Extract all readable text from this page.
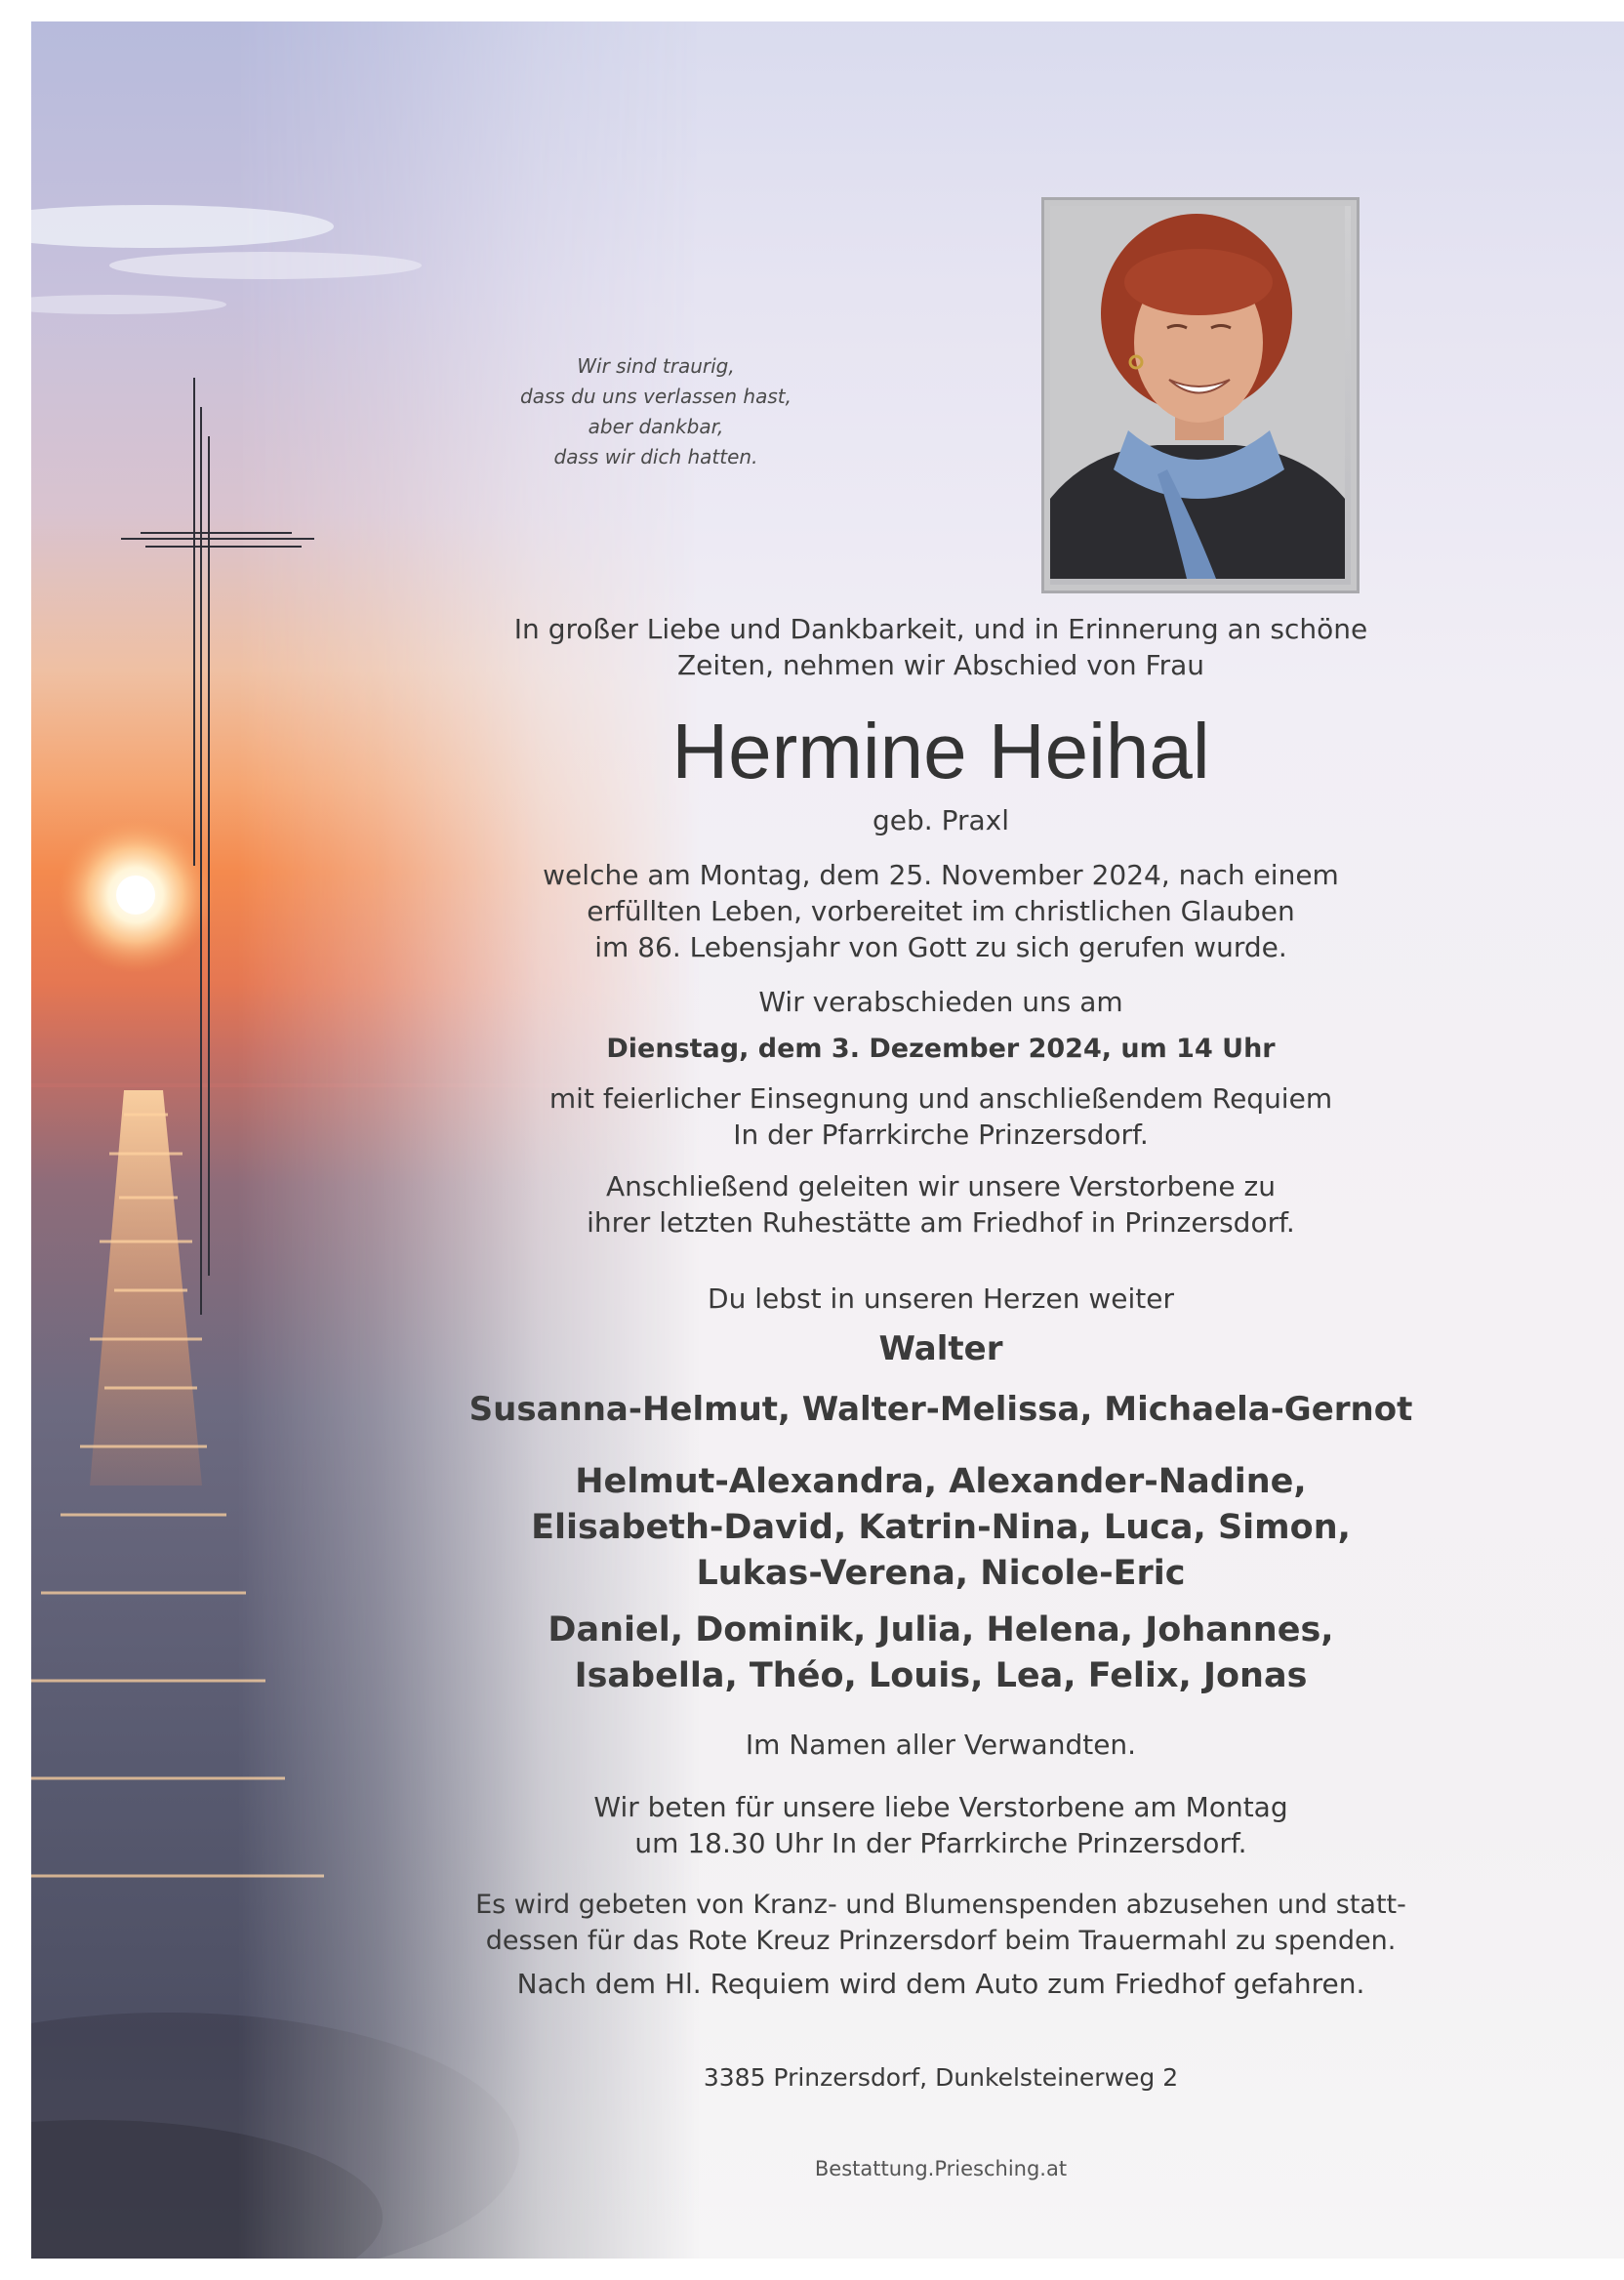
Wir sind traurig,
dass du uns verlassen hast,
aber dankbar,
dass wir dich hatten.
In großer Liebe und Dankbarkeit, und in Erinnerung an schöne
Zeiten, nehmen wir Abschied von Frau
Hermine Heihal
geb. Praxl
welche am Montag, dem 25. November 2024, nach einem
erfüllten Leben, vorbereitet im christlichen Glauben
im 86. Lebensjahr von Gott zu sich gerufen wurde.
Wir verabschieden uns am
Dienstag, dem 3. Dezember 2024, um 14 Uhr
mit feierlicher Einsegnung und anschließendem Requiem
In der Pfarrkirche Prinzersdorf.
Anschließend geleiten wir unsere Verstorbene zu
ihrer letzten Ruhestätte am Friedhof in Prinzersdorf.
Du lebst in unseren Herzen weiter
Walter
Susanna-Helmut, Walter-Melissa, Michaela-Gernot
Helmut-Alexandra, Alexander-Nadine,
Elisabeth-David, Katrin-Nina, Luca, Simon,
Lukas-Verena, Nicole-Eric
Daniel, Dominik, Julia, Helena, Johannes,
Isabella, Théo, Louis, Lea, Felix, Jonas
Im Namen aller Verwandten.
Wir beten für unsere liebe Verstorbene am Montag
um 18.30 Uhr In der Pfarrkirche Prinzersdorf.
Es wird gebeten von Kranz- und Blumenspenden abzusehen und statt-
dessen für das Rote Kreuz Prinzersdorf beim Trauermahl zu spenden.
Nach dem Hl. Requiem wird dem Auto zum Friedhof gefahren.
3385 Prinzersdorf, Dunkelsteinerweg 2
Bestattung.Priesching.at
